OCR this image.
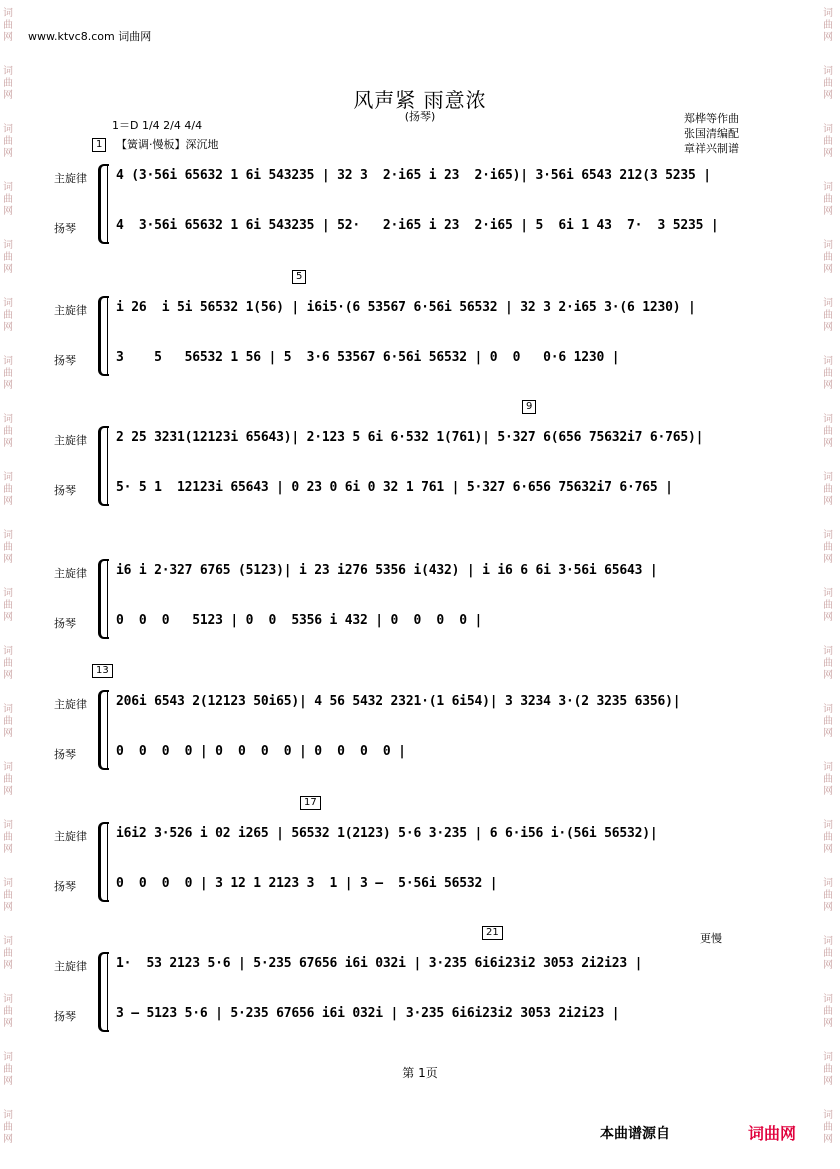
词
曲
网
词
曲
网
词
曲
网
词
曲
网
词
曲
网
词
曲
网
词
曲
网
词
曲
网
词
曲
网
词
曲
网
词
曲
网
词
曲
网
词
曲
网
词
曲
网
词
曲
网
词
曲
网
词
曲
网
词
曲
网
词
曲
网
词
曲
网
词
曲
网
词
曲
网
词
曲
网
词
曲
网
词
曲
网
词
曲
网
词
曲
网
词
曲
网
词
曲
网
词
曲
网
词
曲
网
词
曲
网
词
曲
网
词
曲
网
词
曲
网
词
曲
网
词
曲
网
词
曲
网
词
曲
网
词
曲
网
www.ktvc8.com 词曲网
风声紧 雨意浓
(扬琴)
1＝D 1/4 2/4 4/4
郑桦等作曲
张国清编配
章祥兴制谱
【簧调·慢板】深沉地
1
主旋律
扬琴
4 (3·56i 65632 1 6i 543235 | 32 3  2·i65 i 23  2·i65)| 3·56i 6543 212(3 5235 |
4  3·56i 65632 1 6i 543235 | 52·   2·i65 i 23  2·i65 | 5  6i 1 43  7·  3 5235 |
5
主旋律
扬琴
i 26  i 5i 56532 1(56) | i6i5·(6 53567 6·56i 56532 | 32 3 2·i65 3·(6 1230) |
3    5   56532 1 56 | 5  3·6 53567 6·56i 56532 | 0  0   0·6 1230 |
9
主旋律
扬琴
2 25 3231(12123i 65643)| 2·123 5 6i 6·532 1(761)| 5·327 6(656 75632i7 6·765)|
5· 5 1  12123i 65643 | 0 23 0 6i 0 32 1 761 | 5·327 6·656 75632i7 6·765 |
主旋律
扬琴
i6 i 2·327 6765 (5123)| i 23 i276 5356 i(432) | i i6 6 6i 3·56i 65643 |
0  0  0   5123 | 0  0  5356 i 432 | 0  0  0  0 |
13
主旋律
扬琴
206i 6543 2(12123 50i65)| 4 56 5432 2321·(1 6i54)| 3 3234 3·(2 3235 6356)|
0  0  0  0 | 0  0  0  0 | 0  0  0  0 |
17
主旋律
扬琴
i6i2 3·526 i 02 i265 | 56532 1(2123) 5·6 3·235 | 6 6·i56 i·(56i 56532)|
0  0  0  0 | 3 12 1 2123 3  1 | 3 —  5·56i 56532 |
21
主旋律
扬琴
1·  53 2123 5·6 | 5·235 67656 i6i 032i | 3·235 6i6i23i2 3053 2i2i23 |
3 — 5123 5·6 | 5·235 67656 i6i 032i | 3·235 6i6i23i2 3053 2i2i23 |
更慢
第 1页
本曲谱源自	词曲网
